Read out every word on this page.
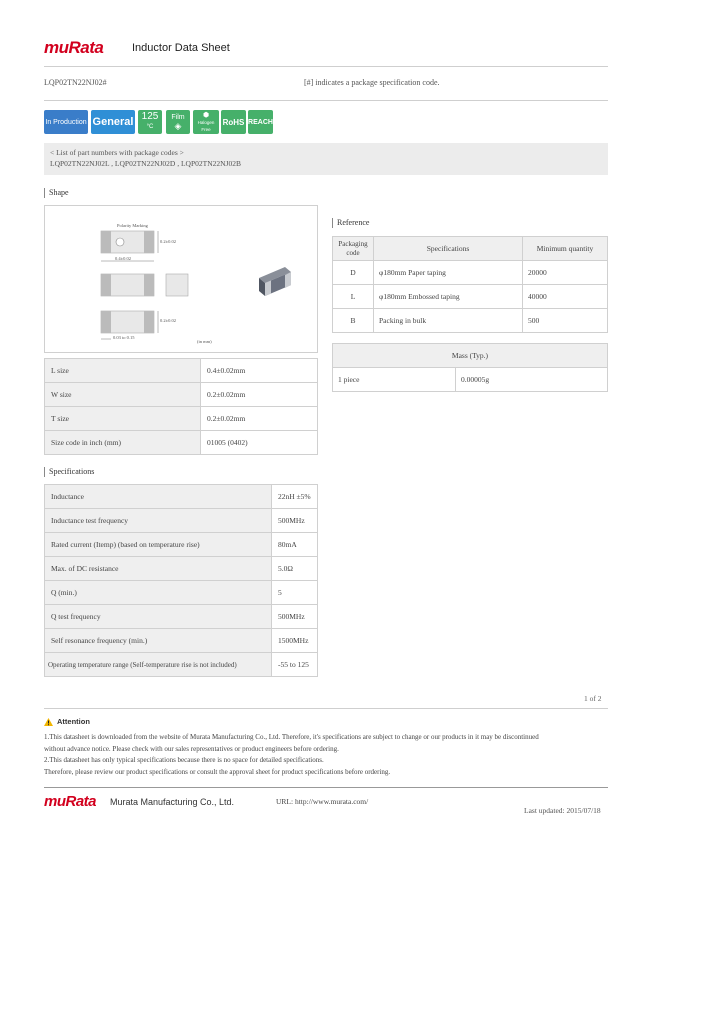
muRata	Inductor Data Sheet
LQP02TN22NJ02#	[#] indicates a package specification code.
In Production General 125
°C
Film
◈
⬢
Halogen Free
RoHS REACH
< List of part numbers with package codes >
LQP02TN22NJ02L , LQP02TN22NJ02D , LQP02TN22NJ02B
Shape
Polarity Marking
0.4±0.02
0.2±0.02
0.2±0.02
0.03 to 0.15
(in mm)
L size	0.4±0.02mm
W size	0.2±0.02mm
T size	0.2±0.02mm
Size code in inch (mm)	01005 (0402)
Reference
Packaging code	Specifications	Minimum quantity
D	φ180mm Paper taping	20000
L	φ180mm Embossed taping	40000
B	Packing in bulk	500
Mass (Typ.)
1 piece	0.00005g
Specifications
Inductance	22nH ±5%
Inductance test frequency	500MHz
Rated current (Itemp) (based on temperature rise)	80mA
Max. of DC resistance	5.0Ω
Q (min.)	5
Q test frequency	500MHz
Self resonance frequency (min.)	1500MHz
Operating temperature range (Self-temperature rise is not included)	-55 to 125
1 of 2
Attention
1.This datasheet is downloaded from the website of Murata Manufacturing Co., Ltd. Therefore, it's specifications are subject to change or our products in it may be discontinued
without advance notice. Please check with our sales representatives or product engineers before ordering.
2.This datasheet has only typical specifications because there is no space for detailed specifications.
Therefore, please review our product specifications or consult the approval sheet for product specifications before ordering.
muRata Murata Manufacturing Co., Ltd.	URL: http://www.murata.com/
Last updated: 2015/07/18
